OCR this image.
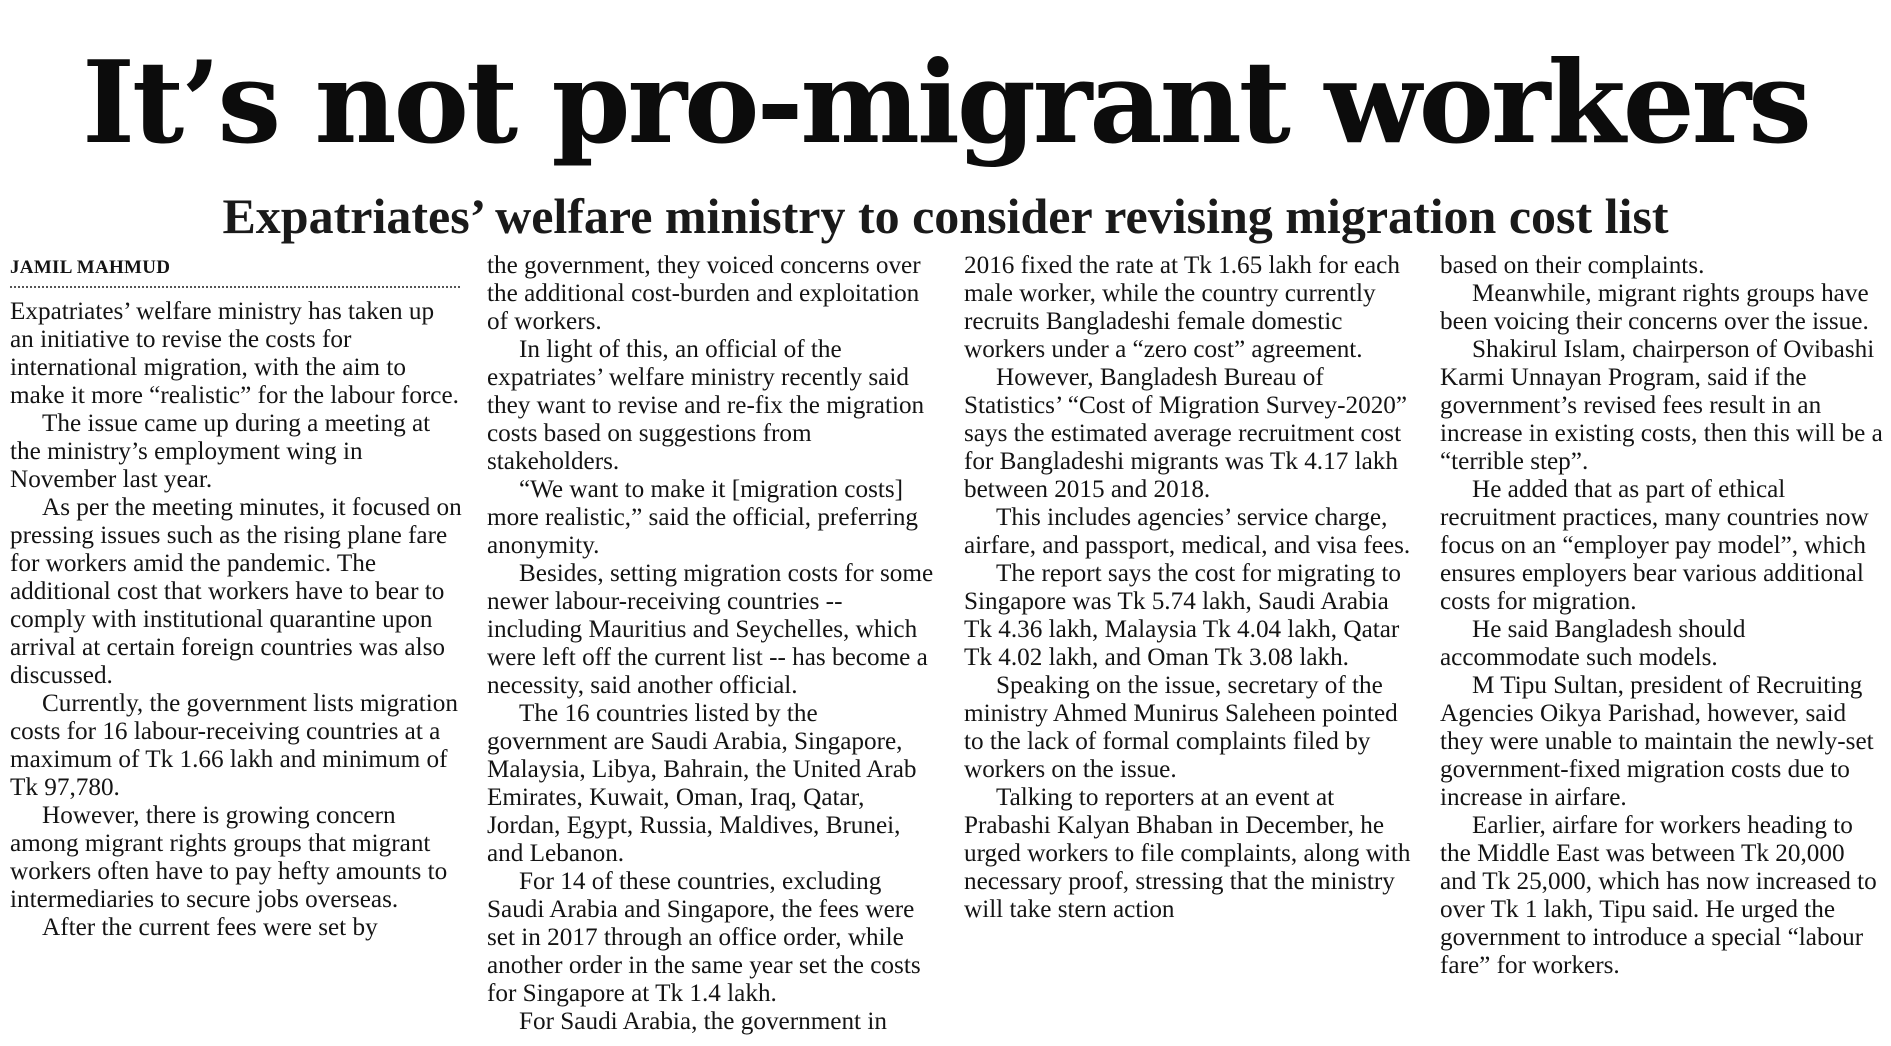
It’s not pro-migrant workers
Expatriates’ welfare ministry to consider revising migration cost list
JAMIL MAHMUD

Expatriates’ welfare ministry has taken up an initiative to revise the costs for international migration, with the aim to make it more “realistic” for the labour force.

The issue came up during a meeting at the ministry’s employment wing in November last year.

As per the meeting minutes, it focused on pressing issues such as the rising plane fare for workers amid the pandemic. The additional cost that workers have to bear to comply with institutional quarantine upon arrival at certain foreign countries was also discussed.

Currently, the government lists migration costs for 16 labour-receiving countries at a maximum of Tk 1.66 lakh and minimum of Tk 97,780.

However, there is growing concern among migrant rights groups that migrant workers often have to pay hefty amounts to intermediaries to secure jobs overseas.

After the current fees were set by

the government, they voiced concerns over the additional cost-burden and exploitation of workers.

In light of this, an official of the expatriates’ welfare ministry recently said they want to revise and re-fix the migration costs based on suggestions from stakeholders.

“We want to make it [migration costs] more realistic,” said the official, preferring anonymity.

Besides, setting migration costs for some newer labour-receiving countries -- including Mauritius and Seychelles, which were left off the current list -- has become a necessity, said another official.

The 16 countries listed by the government are Saudi Arabia, Singapore, Malaysia, Libya, Bahrain, the United Arab Emirates, Kuwait, Oman, Iraq, Qatar, Jordan, Egypt, Russia, Maldives, Brunei, and Lebanon.

For 14 of these countries, excluding Saudi Arabia and Singapore, the fees were set in 2017 through an office order, while another order in the same year set the costs for Singapore at Tk 1.4 lakh.

For Saudi Arabia, the government in

2016 fixed the rate at Tk 1.65 lakh for each male worker, while the country currently recruits Bangladeshi female domestic workers under a “zero cost” agreement.

However, Bangladesh Bureau of Statistics’ “Cost of Migration Survey-2020” says the estimated average recruitment cost for Bangladeshi migrants was Tk 4.17 lakh between 2015 and 2018.

This includes agencies’ service charge, airfare, and passport, medical, and visa fees.

The report says the cost for migrating to Singapore was Tk 5.74 lakh, Saudi Arabia Tk 4.36 lakh, Malaysia Tk 4.04 lakh, Qatar Tk 4.02 lakh, and Oman Tk 3.08 lakh.

Speaking on the issue, secretary of the ministry Ahmed Munirus Saleheen pointed to the lack of formal complaints filed by workers on the issue.

Talking to reporters at an event at Prabashi Kalyan Bhaban in December, he urged workers to file complaints, along with necessary proof, stressing that the ministry will take stern action

based on their complaints.

Meanwhile, migrant rights groups have been voicing their concerns over the issue.

Shakirul Islam, chairperson of Ovibashi Karmi Unnayan Program, said if the government’s revised fees result in an increase in existing costs, then this will be a “terrible step”.

He added that as part of ethical recruitment practices, many countries now focus on an “employer pay model”, which ensures employers bear various additional costs for migration.

He said Bangladesh should accommodate such models.

M Tipu Sultan, president of Recruiting Agencies Oikya Parishad, however, said they were unable to maintain the newly-set government-fixed migration costs due to increase in airfare.

Earlier, airfare for workers heading to the Middle East was between Tk 20,000 and Tk 25,000, which has now increased to over Tk 1 lakh, Tipu said. He urged the government to introduce a special “labour fare” for workers.
